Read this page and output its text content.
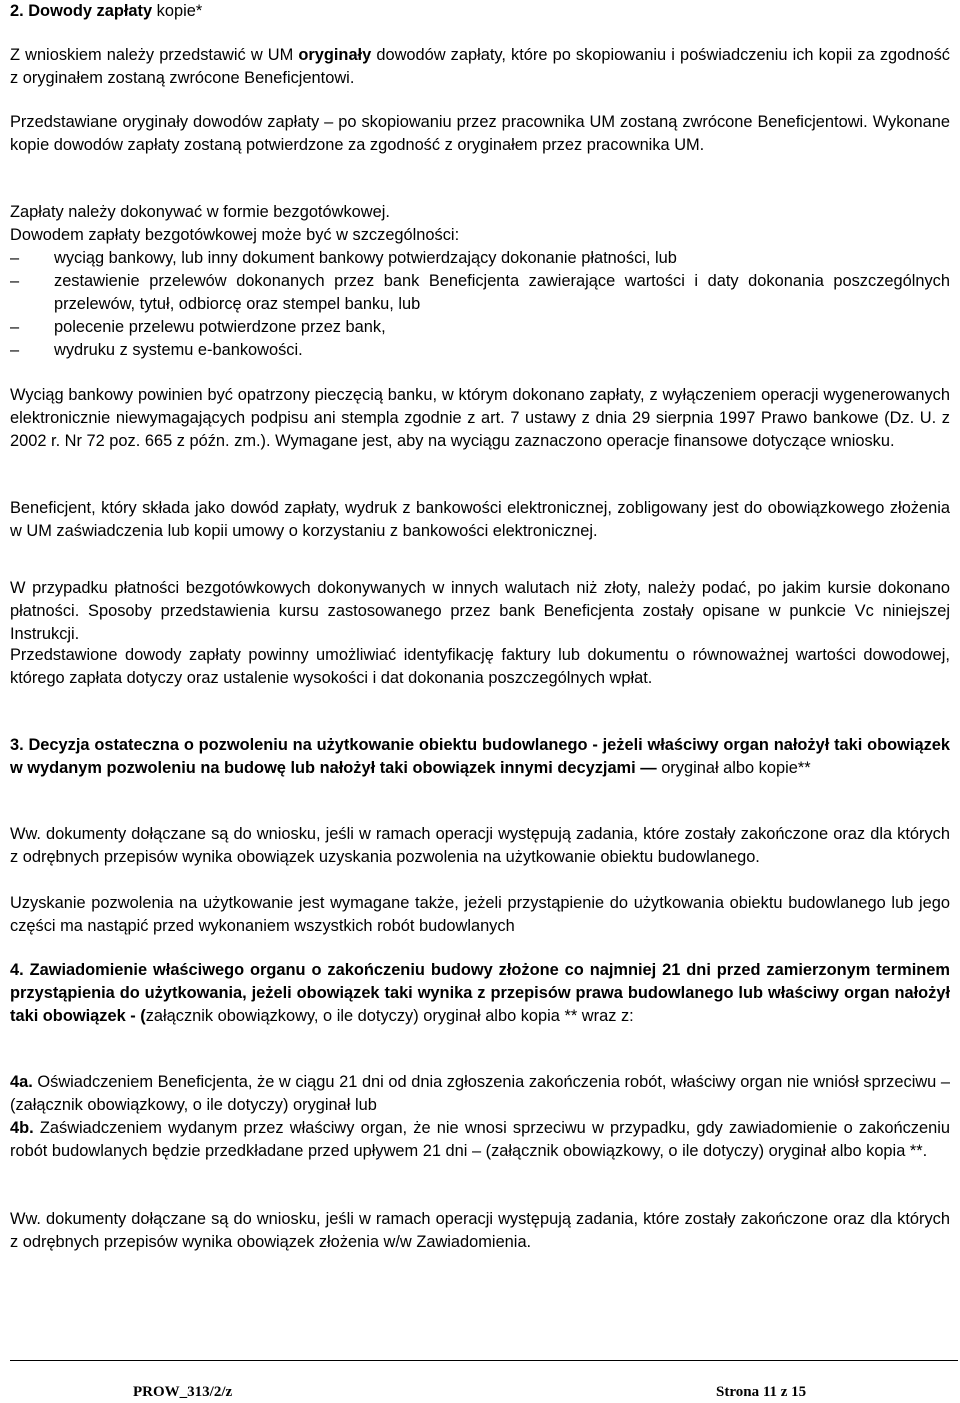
2. Dowody zapłaty kopie*
Z wnioskiem należy przedstawić w UM oryginały dowodów zapłaty, które po skopiowaniu i poświadczeniu ich kopii za zgodność z oryginałem zostaną zwrócone Beneficjentowi.
Przedstawiane oryginały dowodów zapłaty – po skopiowaniu przez pracownika UM zostaną zwrócone Beneficjentowi. Wykonane kopie dowodów zapłaty zostaną potwierdzone za zgodność z oryginałem przez pracownika UM.
Zapłaty należy dokonywać w formie bezgotówkowej.
Dowodem zapłaty bezgotówkowej może być w szczególności:
–	wyciąg bankowy, lub inny dokument bankowy potwierdzający dokonanie płatności, lub
–	zestawienie przelewów dokonanych przez bank Beneficjenta zawierające wartości i daty dokonania poszczególnych przelewów, tytuł, odbiorcę oraz stempel banku, lub
–	polecenie przelewu potwierdzone przez bank,
–	wydruku z systemu e-bankowości.
Wyciąg bankowy powinien być opatrzony pieczęcią banku, w którym dokonano zapłaty, z wyłączeniem operacji wygenerowanych elektronicznie niewymagających podpisu ani stempla zgodnie z art. 7 ustawy z dnia 29 sierpnia 1997 Prawo bankowe (Dz. U. z 2002 r. Nr 72 poz. 665 z późn. zm.). Wymagane jest, aby na wyciągu zaznaczono operacje finansowe dotyczące wniosku.
Beneficjent, który składa jako dowód zapłaty, wydruk z bankowości elektronicznej, zobligowany jest do obowiązkowego złożenia w UM zaświadczenia lub kopii umowy o korzystaniu z bankowości elektronicznej.
W przypadku płatności bezgotówkowych dokonywanych w innych walutach niż złoty, należy podać, po jakim kursie dokonano płatności. Sposoby przedstawienia kursu zastosowanego przez bank Beneficjenta zostały opisane w punkcie Vc niniejszej Instrukcji.
Przedstawione dowody zapłaty powinny umożliwiać identyfikację faktury lub dokumentu o równoważnej wartości dowodowej, którego zapłata dotyczy oraz ustalenie wysokości i dat dokonania poszczególnych wpłat.
3. Decyzja ostateczna o pozwoleniu na użytkowanie obiektu budowlanego - jeżeli właściwy organ nałożył taki obowiązek w wydanym pozwoleniu na budowę lub nałożył taki obowiązek innymi decyzjami — oryginał albo kopie**
Ww. dokumenty dołączane są do wniosku, jeśli w ramach operacji występują zadania, które zostały zakończone oraz dla których z odrębnych przepisów wynika obowiązek uzyskania pozwolenia na użytkowanie obiektu budowlanego.
Uzyskanie pozwolenia na użytkowanie jest wymagane także, jeżeli przystąpienie do użytkowania obiektu budowlanego lub jego części ma nastąpić przed wykonaniem wszystkich robót budowlanych
4. Zawiadomienie właściwego organu o zakończeniu budowy złożone co najmniej 21 dni przed zamierzonym terminem przystąpienia do użytkowania, jeżeli obowiązek taki wynika z przepisów prawa budowlanego lub właściwy organ nałożył taki obowiązek - (załącznik obowiązkowy, o ile dotyczy) oryginał albo kopia ** wraz z:
4a. Oświadczeniem Beneficjenta, że w ciągu 21 dni od dnia zgłoszenia zakończenia robót, właściwy organ nie wniósł sprzeciwu – (załącznik obowiązkowy, o ile dotyczy) oryginał lub
4b. Zaświadczeniem wydanym przez właściwy organ, że nie wnosi sprzeciwu w przypadku, gdy zawiadomienie o zakończeniu robót budowlanych będzie przedkładane przed upływem 21 dni – (załącznik obowiązkowy, o ile dotyczy) oryginał albo kopia **.
Ww. dokumenty dołączane są do wniosku, jeśli w ramach operacji występują zadania, które zostały zakończone oraz dla których z odrębnych przepisów wynika obowiązek złożenia w/w Zawiadomienia.
PROW_313/2/z	Strona 11 z 15
